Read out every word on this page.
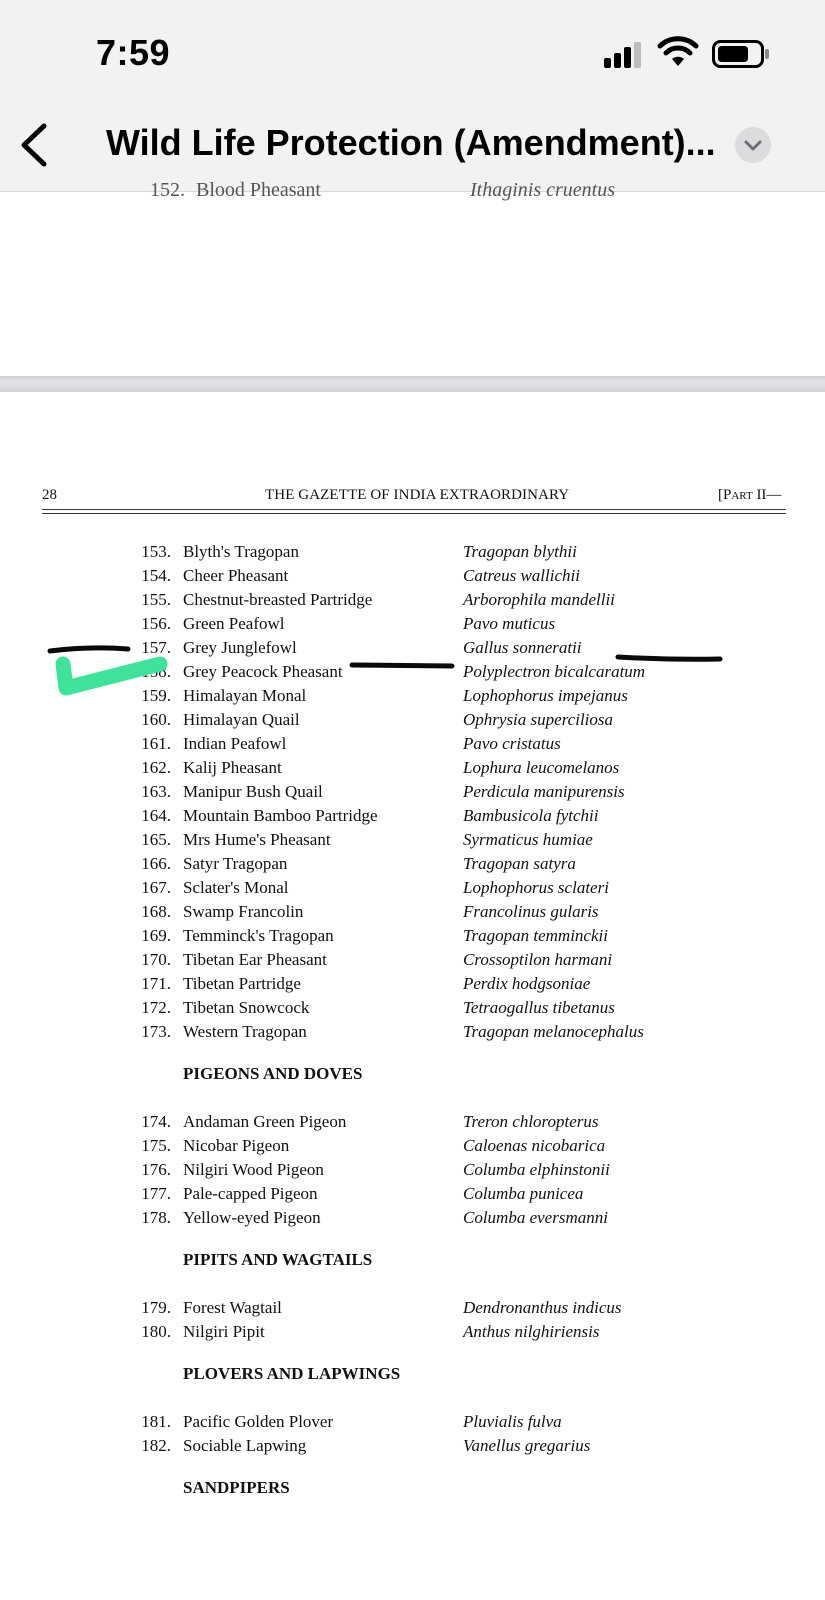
7:59
Wild Life Protection (Amendment)...
152. Blood Pheasant	Ithaginis cruentus
28	THE GAZETTE OF INDIA EXTRAORDINARY	[PART II—
153. Blyth's Tragopan	Tragopan blythii
154. Cheer Pheasant	Catreus wallichii
155. Chestnut-breasted Partridge	Arborophila mandellii
156. Green Peafowl	Pavo muticus
157. Grey Junglefowl	Gallus sonneratii
158. Grey Peacock Pheasant	Polyplectron bicalcaratum
159. Himalayan Monal	Lophophorus impejanus
160. Himalayan Quail	Ophrysia superciliosa
161. Indian Peafowl	Pavo cristatus
162. Kalij Pheasant	Lophura leucomelanos
163. Manipur Bush Quail	Perdicula manipurensis
164. Mountain Bamboo Partridge	Bambusicola fytchii
165. Mrs Hume's Pheasant	Syrmaticus humiae
166. Satyr Tragopan	Tragopan satyra
167. Sclater's Monal	Lophophorus sclateri
168. Swamp Francolin	Francolinus gularis
169. Temminck's Tragopan	Tragopan temminckii
170. Tibetan Ear Pheasant	Crossoptilon harmani
171. Tibetan Partridge	Perdix hodgsoniae
172. Tibetan Snowcock	Tetraogallus tibetanus
173. Western Tragopan	Tragopan melanocephalus
PIGEONS AND DOVES
174. Andaman Green Pigeon	Treron chloropterus
175. Nicobar Pigeon	Caloenas nicobarica
176. Nilgiri Wood Pigeon	Columba elphinstonii
177. Pale-capped Pigeon	Columba punicea
178. Yellow-eyed Pigeon	Columba eversmanni
PIPITS AND WAGTAILS
179. Forest Wagtail	Dendronanthus indicus
180. Nilgiri Pipit	Anthus nilghiriensis
PLOVERS AND LAPWINGS
181. Pacific Golden Plover	Pluvialis fulva
182. Sociable Lapwing	Vanellus gregarius
SANDPIPERS
